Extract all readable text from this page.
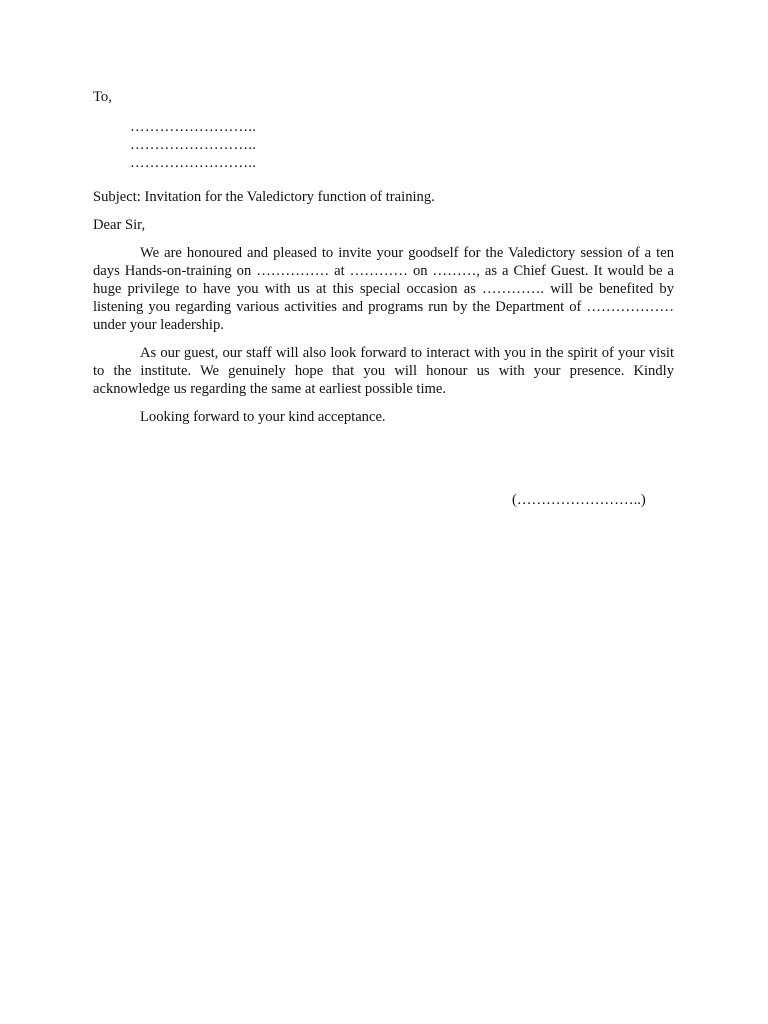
To,

……………………..
……………………..
……………………..

Subject: Invitation for the Valedictory function of training.

Dear Sir,

We are honoured and pleased to invite your goodself for the Valedictory session of a ten days Hands-on-training on …………… at ………… on ………, as a Chief Guest. It would be a huge privilege to have you with us at this special occasion as …………. will be benefited by listening you regarding various activities and programs run by the Department of ……………… under your leadership.

As our guest, our staff will also look forward to interact with you in the spirit of your visit to the institute. We genuinely hope that you will honour us with your presence. Kindly acknowledge us regarding the same at earliest possible time.

Looking forward to your kind acceptance.

(……………………..)
